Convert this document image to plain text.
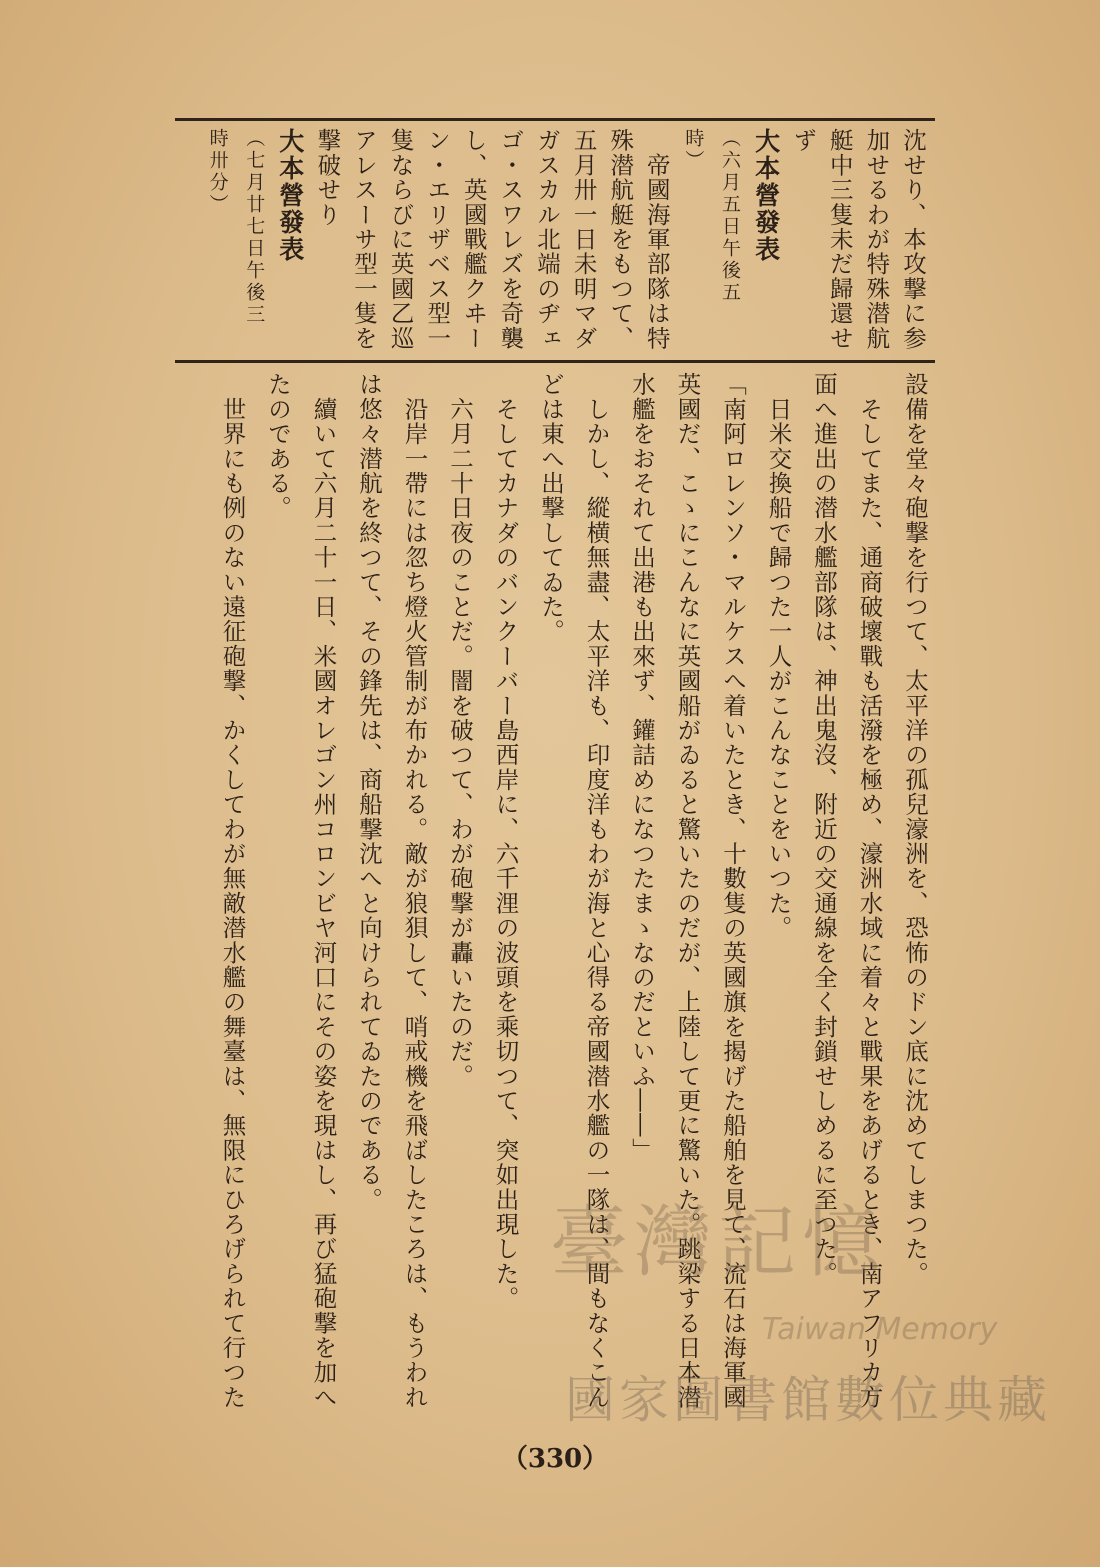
沈せり、本攻撃に参
加せるわが特殊潜航
艇中三隻未だ歸還せ
ず
大本營發表
（六月五日午後五
時）
　帝國海軍部隊は特
殊潜航艇をもつて、
五月卅一日未明マダ
ガスカル北端のヂェ
ゴ・スワレズを奇襲
し、英國戰艦クヰー
ン・エリザベス型一
隻ならびに英國乙巡
アレスーサ型一隻を
撃破せり
大本營發表
（七月廿七日午後三
時卅分）
設備を堂々砲撃を行つて、太平洋の孤兒濠洲を、恐怖のドン底に沈めてしまつた。
　そしてまた、通商破壞戰も活潑を極め、濠洲水域に着々と戰果をあげるとき、南アフリカ方
面へ進出の潜水艦部隊は、神出鬼沒、附近の交通線を全く封鎖せしめるに至つた。
　日米交換船で歸つた一人がこんなことをいつた。
「南阿ロレンソ・マルケスへ着いたとき、十數隻の英國旗を揭げた船舶を見て、流石は海軍國
英國だ、こゝにこんなに英國船がゐると驚いたのだが、上陸して更に驚いた。跳梁する日本潜
水艦をおそれて出港も出來ず、鑵詰めになつたまゝなのだといふ――」
　しかし、縱横無盡、太平洋も、印度洋もわが海と心得る帝國潜水艦の一隊は、間もなくこん
どは東へ出撃してゐた。
　そしてカナダのバンクーバー島西岸に、六千浬の波頭を乘切つて、突如出現した。
　六月二十日夜のことだ。闇を破つて、わが砲撃が轟いたのだ。
　沿岸一帶には忽ち燈火管制が布かれる。敵が狼狽して、哨戒機を飛ばしたころは、もうわれ
は悠々潜航を終つて、その鋒先は、商船撃沈へと向けられてゐたのである。
　續いて六月二十一日、米國オレゴン州コロンビヤ河口にその姿を現はし、再び猛砲撃を加へ
たのである。
　世界にも例のない遠征砲撃、かくしてわが無敵潜水艦の舞臺は、無限にひろげられて行つた
（330）
臺灣記憶
Taiwan Memory
國家圖書館數位典藏
